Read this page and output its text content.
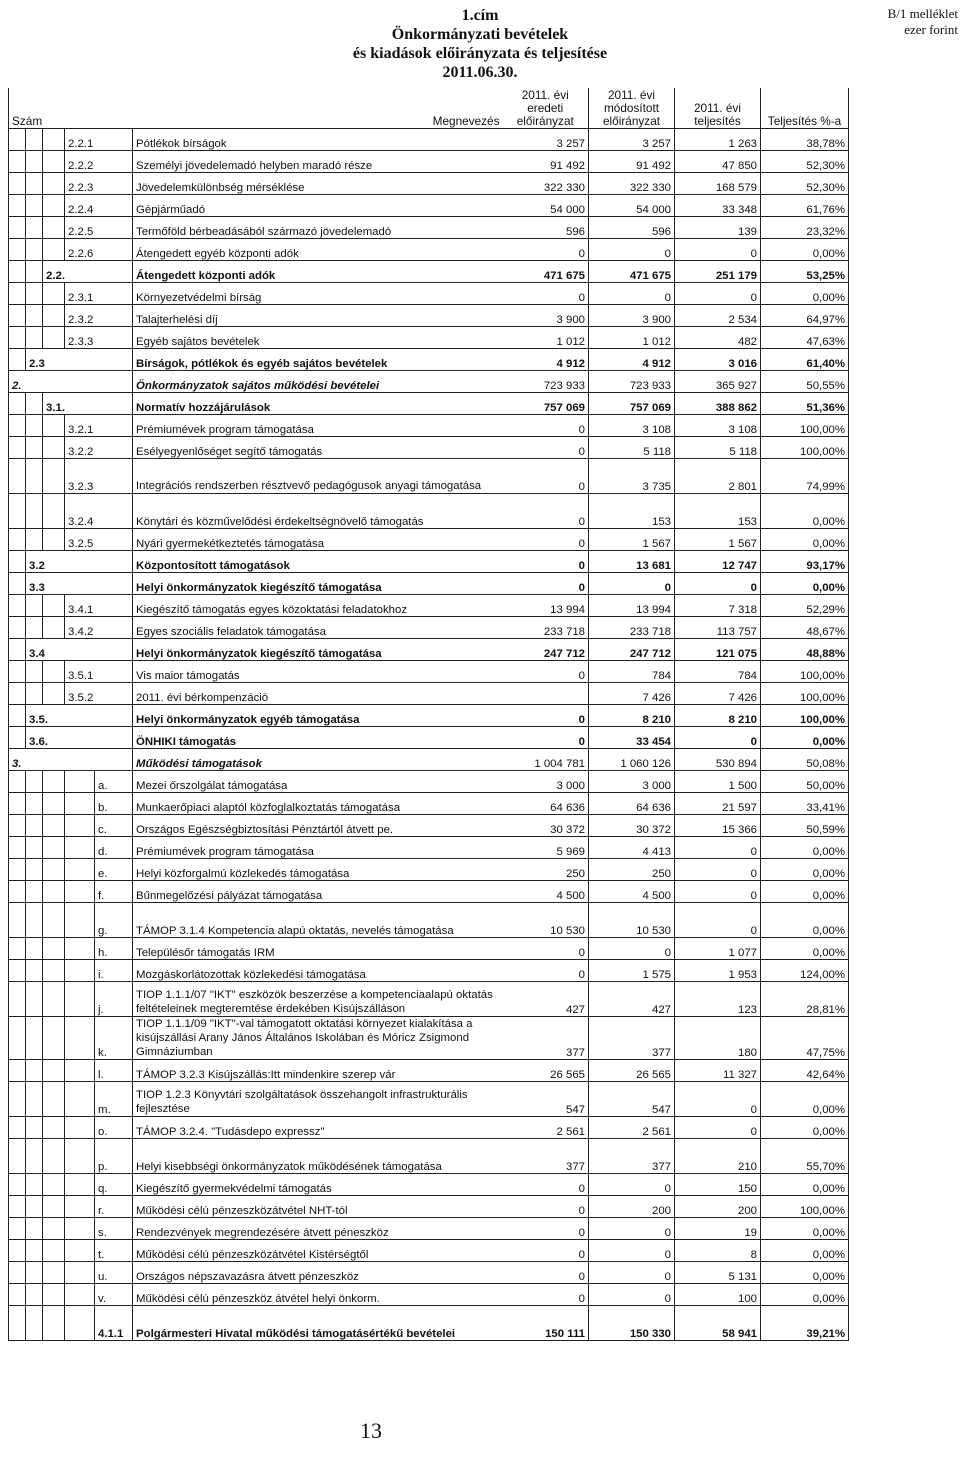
1.cím
Önkormányzati bevételek
és kiadások előirányzata és teljesítése
2011.06.30.
B/1 melléklet
ezer forint
Szám					Megnevezés	2011. évi eredeti előirányzat	2011. évi módosított előirányzat	2011. évi teljesítés	Teljesítés %-a
			2.2.1		Pótlékok bírságok	3 257	3 257	1 263	38,78%
			2.2.2		Személyi jövedelemadó helyben maradó része	91 492	91 492	47 850	52,30%
			2.2.3		Jövedelemkülönbség mérséklése	322 330	322 330	168 579	52,30%
			2.2.4		Gépjárműadó	54 000	54 000	33 348	61,76%
			2.2.5		Termőföld bérbeadásából származó jövedelemadó	596	596	139	23,32%
			2.2.6		Átengedett egyéb központi adók	0	0	0	0,00%
		2.2.			Átengedett központi adók	471 675	471 675	251 179	53,25%
			2.3.1		Környezetvédelmi bírság	0	0	0	0,00%
			2.3.2		Talajterhelési díj	3 900	3 900	2 534	64,97%
			2.3.3		Egyéb sajátos bevételek	1 012	1 012	482	47,63%
	2.3				Bírságok, pótlékok és egyéb sajátos bevételek	4 912	4 912	3 016	61,40%
2.					Önkormányzatok sajátos működési bevételei	723 933	723 933	365 927	50,55%
		3.1.			Normatív hozzájárulások	757 069	757 069	388 862	51,36%
			3.2.1		Prémiumévek program támogatása	0	3 108	3 108	100,00%
			3.2.2		Esélyegyenlőséget segítő támogatás	0	5 118	5 118	100,00%
			3.2.3		Integrációs rendszerben résztvevő pedagógusok anyagi támogatása	0	3 735	2 801	74,99%
			3.2.4		Könytári és közművelődési érdekeltségnövelő támogatás	0	153	153	0,00%
			3.2.5		Nyári gyermekétkeztetés támogatása	0	1 567	1 567	0,00%
	3.2				Központosított támogatások	0	13 681	12 747	93,17%
	3.3				Helyi önkormányzatok kiegészítő támogatása	0	0	0	0,00%
			3.4.1		Kiegészítő támogatás egyes közoktatási feladatokhoz	13 994	13 994	7 318	52,29%
			3.4.2		Egyes szociális feladatok támogatása	233 718	233 718	113 757	48,67%
	3.4				Helyi önkormányzatok kiegészítő támogatása	247 712	247 712	121 075	48,88%
			3.5.1		Vis maior támogatás	0	784	784	100,00%
			3.5.2		2011. évi bérkompenzáció		7 426	7 426	100,00%
	3.5.				Helyi önkormányzatok egyéb támogatása	0	8 210	8 210	100,00%
	3.6.				ÖNHIKI támogatás	0	33 454	0	0,00%
3.					Működési támogatások	1 004 781	1 060 126	530 894	50,08%
				a.	Mezei őrszolgálat támogatása	3 000	3 000	1 500	50,00%
				b.	Munkaerőpiaci alaptól közfoglalkoztatás támogatása	64 636	64 636	21 597	33,41%
				c.	Országos Egészségbiztosítási Pénztártól átvett pe.	30 372	30 372	15 366	50,59%
				d.	Prémiumévek program támogatása	5 969	4 413	0	0,00%
				e.	Helyi közforgalmú közlekedés támogatása	250	250	0	0,00%
				f.	Bűnmegelőzési pályázat támogatása	4 500	4 500	0	0,00%
				g.	TÁMOP 3.1.4 Kompetencia alapú oktatás, nevelés támogatása	10 530	10 530	0	0,00%
				h.	Településőr támogatás IRM	0	0	1 077	0,00%
				i.	Mozgáskorlátozottak közlekedési támogatása	0	1 575	1 953	124,00%
				j.	TIOP 1.1.1/07 "IKT" eszközök beszerzése a kompetenciaalapú oktatás feltételeinek megteremtése érdekében Kisújszálláson	427	427	123	28,81%
				k.	TIOP 1.1.1/09 "IKT"-val támogatott oktatási környezet kialakítása a kisújszállási Arany János Általános Iskolában és Móricz Zsigmond Gimnáziumban	377	377	180	47,75%
				l.	TÁMOP 3.2.3 Kisújszállás:Itt mindenkire szerep vár	26 565	26 565	11 327	42,64%
				m.	TIOP 1.2.3 Könyvtári szolgáltatások összehangolt infrastrukturális fejlesztése	547	547	0	0,00%
				o.	TÁMOP 3.2.4. "Tudásdepo expressz"	2 561	2 561	0	0,00%
				p.	Helyi kisebbségi önkormányzatok működésének támogatása	377	377	210	55,70%
				q.	Kiegészítő gyermekvédelmi támogatás	0	0	150	0,00%
				r.	Működési célú pénzeszközátvétel NHT-tól	0	200	200	100,00%
				s.	Rendezvények megrendezésére átvett péneszköz	0	0	19	0,00%
				t.	Működési célú pénzeszközátvétel Kistérségtől	0	0	8	0,00%
				u.	Országos népszavazásra átvett pénzeszköz	0	0	5 131	0,00%
				v.	Működési célú pénzeszköz átvétel helyi önkorm.	0	0	100	0,00%
				4.1.1	Polgármesteri Hivatal működési támogatásértékű bevételei	150 111	150 330	58 941	39,21%
13
